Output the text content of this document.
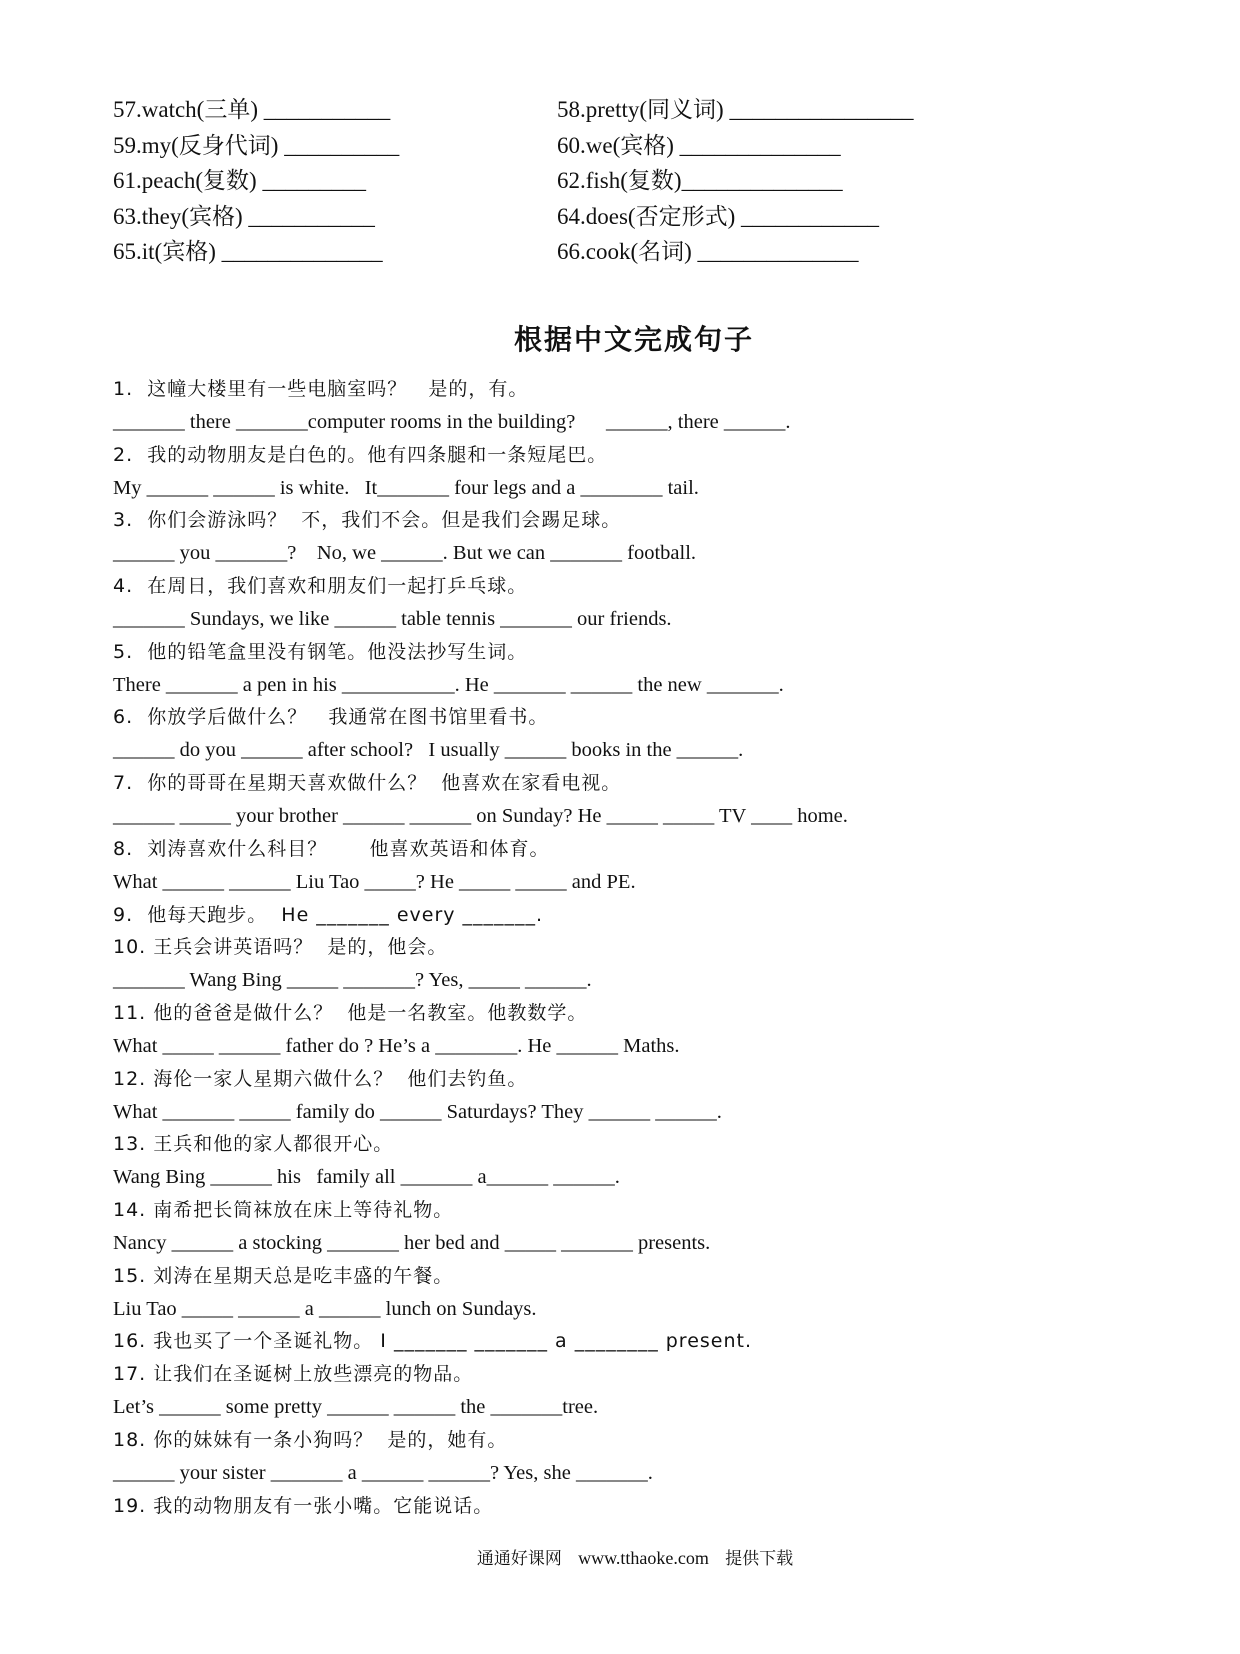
57.watch(三单) ___________	58.pretty(同义词) ________________
59.my(反身代词) __________	60.we(宾格) ______________
61.peach(复数) _________	62.fish(复数)______________
63.they(宾格) ___________	64.does(否定形式) ____________
65.it(宾格) ______________	66.cook(名词) ______________
根据中文完成句子
1.  这幢大楼里有一些电脑室吗？   是的，有。
_______ there _______computer rooms in the building?      ______, there ______.
2.  我的动物朋友是白色的。他有四条腿和一条短尾巴。
My ______ ______ is white.   It_______ four legs and a ________ tail.
3.  你们会游泳吗？  不，我们不会。但是我们会踢足球。
______ you _______?    No, we ______. But we can _______ football.
4.  在周日，我们喜欢和朋友们一起打乒乓球。
_______ Sundays, we like ______ table tennis _______ our friends.
5.  他的铅笔盒里没有钢笔。他没法抄写生词。
There _______ a pen in his ___________. He _______ ______ the new _______.
6.  你放学后做什么？   我通常在图书馆里看书。
______ do you ______ after school?   I usually ______ books in the ______.
7.  你的哥哥在星期天喜欢做什么？  他喜欢在家看电视。
______ _____ your brother ______ ______ on Sunday? He _____ _____ TV ____ home.
8.  刘涛喜欢什么科目？      他喜欢英语和体育。
What ______ ______ Liu Tao _____? He _____ _____ and PE.
9.  他每天跑步。  He _______ every _______.
10. 王兵会讲英语吗？  是的，他会。
_______ Wang Bing _____ _______? Yes, _____ ______.
11. 他的爸爸是做什么？  他是一名教室。他教数学。
What _____ ______ father do ? He’s a ________. He ______ Maths.
12. 海伦一家人星期六做什么？  他们去钓鱼。
What _______ _____ family do ______ Saturdays? They ______ ______.
13. 王兵和他的家人都很开心。
Wang Bing ______ his   family all _______ a______ ______.
14. 南希把长筒袜放在床上等待礼物。
Nancy ______ a stocking _______ her bed and _____ _______ presents.
15. 刘涛在星期天总是吃丰盛的午餐。
Liu Tao _____ ______ a ______ lunch on Sundays.
16. 我也买了一个圣诞礼物。 I _______ _______ a ________ present.
17. 让我们在圣诞树上放些漂亮的物品。
Let’s ______ some pretty ______ ______ the _______tree.
18. 你的妹妹有一条小狗吗？  是的，她有。
______ your sister _______ a ______ ______? Yes, she _______.
19. 我的动物朋友有一张小嘴。它能说话。
通通好课网 www.tthaoke.com 提供下载
